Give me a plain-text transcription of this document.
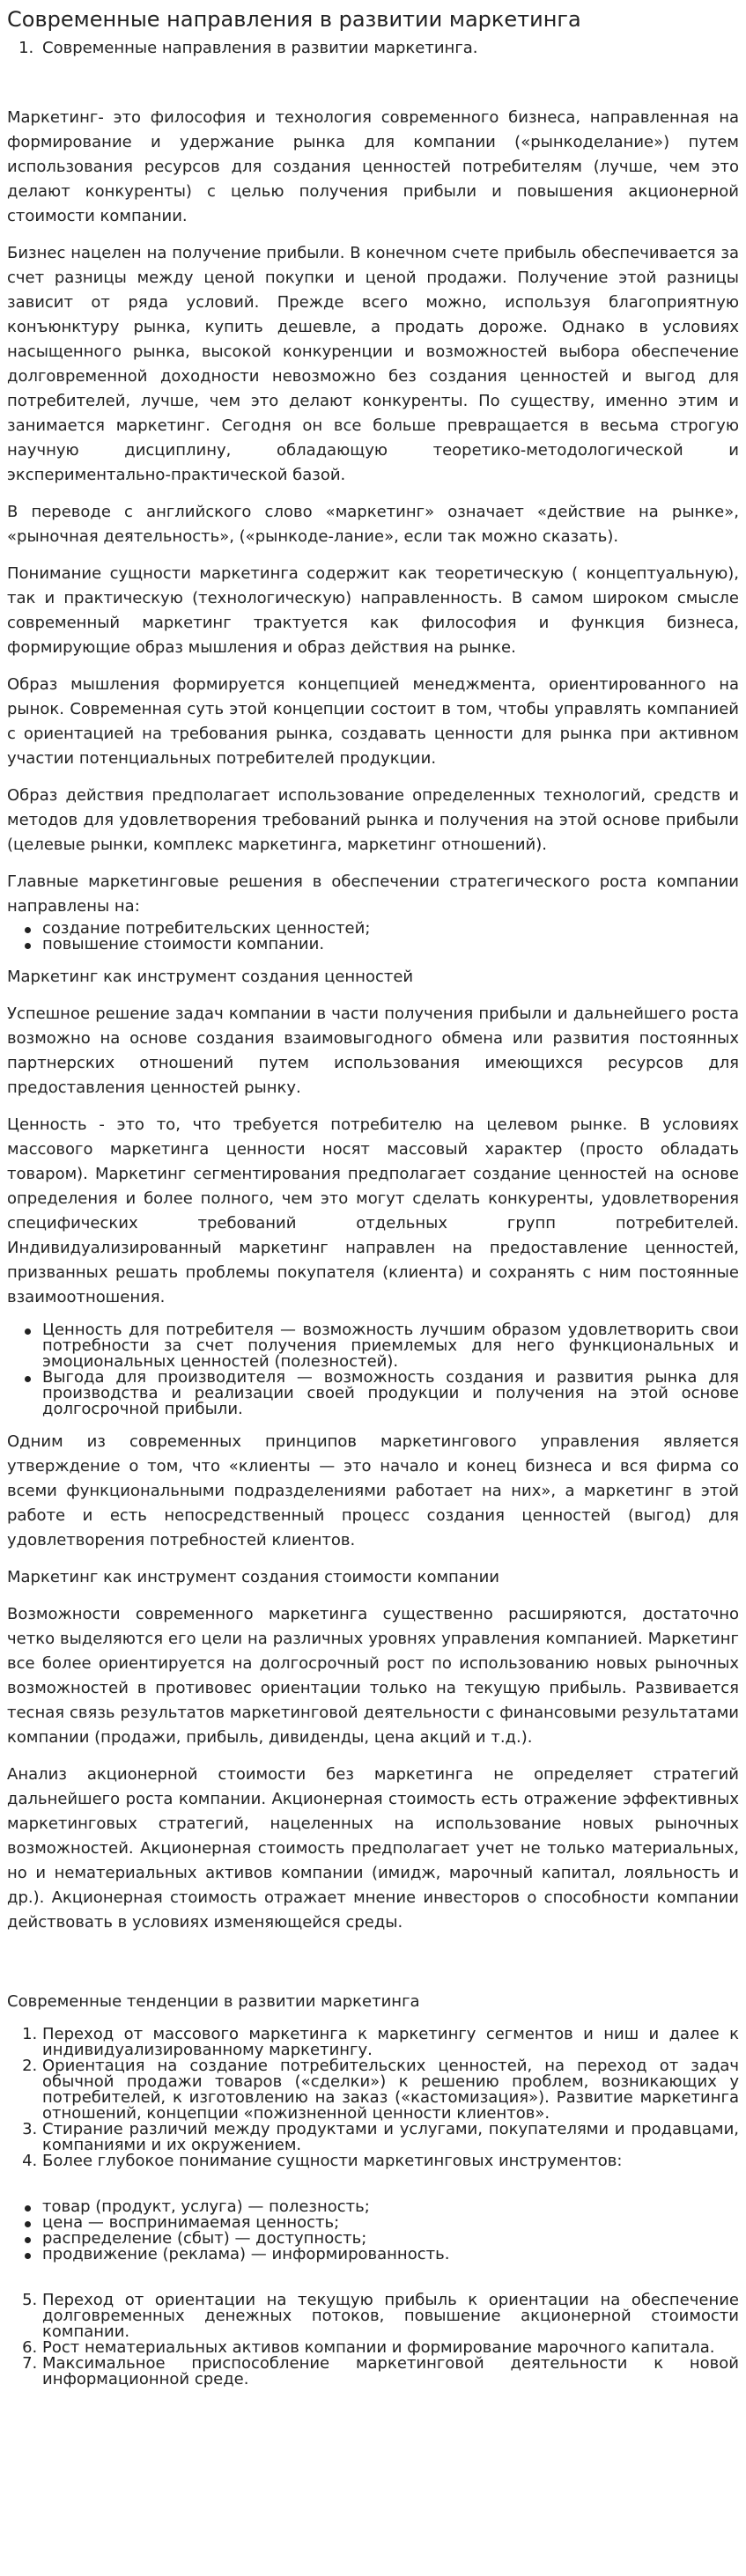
Современные направления в развитии маркетинга
1. Современные направления в развитии маркетинга.

Маркетинг- это философия и технология современного бизнеса, направленная на формирование и удержание рынка для компании («рынкоделание») путем использования ресурсов для создания ценностей потребителям (лучше, чем это делают конкуренты) с целью получения прибыли и повышения акционерной стоимости компании.

Бизнес нацелен на получение прибыли. В конечном счете прибыль обеспечивается за счет разницы между ценой покупки и ценой продажи. Получение этой разницы зависит от ряда условий. Прежде всего можно, используя благоприятную конъюнктуру рынка, купить дешевле, а продать дороже. Однако в условиях насыщенного рынка, высокой конкуренции и возможностей выбора обеспечение долговременной доходности невозможно без создания ценностей и выгод для потребителей, лучше, чем это делают конкуренты. По существу, именно этим и занимается маркетинг. Сегодня он все больше превращается в весьма строгую научную дисциплину, обладающую теоретико-методологической и экспериментально-практической базой.

В переводе с английского слово «маркетинг» означает «действие на рынке», «рыночная деятельность», («рынкоде-лание», если так можно сказать).

Понимание сущности маркетинга содержит как теоретическую ( концептуальную), так и практическую (технологическую) направленность. В самом широком смысле современный маркетинг трактуется как философия и функция бизнеса, формирующие образ мышления и образ действия на рынке.

Образ мышления формируется концепцией менеджмента, ориентированного на рынок. Современная суть этой концепции состоит в том, чтобы управлять компанией с ориентацией на требования рынка, создавать ценности для рынка при активном участии потенциальных потребителей продукции.

Образ действия предполагает использование определенных технологий, средств и методов для удовлетворения требований рынка и получения на этой основе прибыли (целевые рынки, комплекс маркетинга, маркетинг отношений).

Главные маркетинговые решения в обеспечении стратегического роста компании направлены на:

создание потребительских ценностей;
повышение стоимости компании.
Маркетинг как инструмент создания ценностей

Успешное решение задач компании в части получения прибыли и дальнейшего роста возможно на основе создания взаимовыгодного обмена или развития постоянных партнерских отношений путем использования имеющихся ресурсов для предоставления ценностей рынку.

Ценность - это то, что требуется потребителю на целевом рынке. В условиях массового маркетинга ценности носят массовый характер (просто обладать товаром). Маркетинг сегментирования предполагает создание ценностей на основе определения и более полного, чем это могут сделать конкуренты, удовлетворения специфических требований отдельных групп потребителей. Индивидуализированный маркетинг направлен на предоставление ценностей, призванных решать проблемы покупателя (клиента) и сохранять с ним постоянные взаимоотношения.

Ценность для потребителя — возможность лучшим образом удовлетворить свои потребности за счет получения приемлемых для него функциональных и эмоциональных ценностей (полезностей).
Выгода для производителя — возможность создания и развития рынка для производства и реализации своей продукции и получения на этой основе долгосрочной прибыли.

Одним из современных принципов маркетингового управления является утверждение о том, что «клиенты — это начало и конец бизнеса и вся фирма со всеми функциональными подразделениями работает на них», а маркетинг в этой работе и есть непосредственный процесс создания ценностей (выгод) для удовлетворения потребностей клиентов.

Маркетинг как инструмент создания стоимости компании

Возможности современного маркетинга существенно расширяются, достаточно четко выделяются его цели на различных уровнях управления компанией. Маркетинг все более ориентируется на долгосрочный рост по использованию новых рыночных возможностей в противовес ориентации только на текущую прибыль. Развивается тесная связь результатов маркетинговой деятельности с финансовыми результатами компании (продажи, прибыль, дивиденды, цена акций и т.д.).

Анализ акционерной стоимости без маркетинга не определяет стратегий дальнейшего роста компании. Акционерная стоимость есть отражение эффективных маркетинговых стратегий, нацеленных на использование новых рыночных возможностей. Акционерная стоимость предполагает учет не только материальных, но и нематериальных активов компании (имидж, марочный капитал, лояльность и др.). Акционерная стоимость отражает мнение инвесторов о способности компании действовать в условиях изменяющейся среды.

Современные тенденции в развитии маркетинга
1. Переход от массового маркетинга к маркетингу сегментов и ниш и далее к индивидуализированному маркетингу.
2. Ориентация на создание потребительских ценностей, на переход от задач обычной продажи товаров («сделки») к решению проблем, возникающих у потребителей, к изготовлению на заказ («кастомизация»). Развитие маркетинга отношений, концепции «пожизненной ценности клиентов».
3. Стирание различий между продуктами и услугами, покупателями и продавцами, компаниями и их окружением.
4. Более глубокое понимание сущности маркетинговых инструментов:
товар (продукт, услуга) — полезность;
цена — воспринимаемая ценность;
распределение (сбыт) — доступность;
продвижение (реклама) — информированность.
5. Переход от ориентации на текущую прибыль к ориентации на обеспечение долговременных денежных потоков, повышение акционерной стоимости компании.
6. Рост нематериальных активов компании и формирование марочного капитала.
7. Максимальное приспособление маркетинговой деятельности к новой информационной среде.
